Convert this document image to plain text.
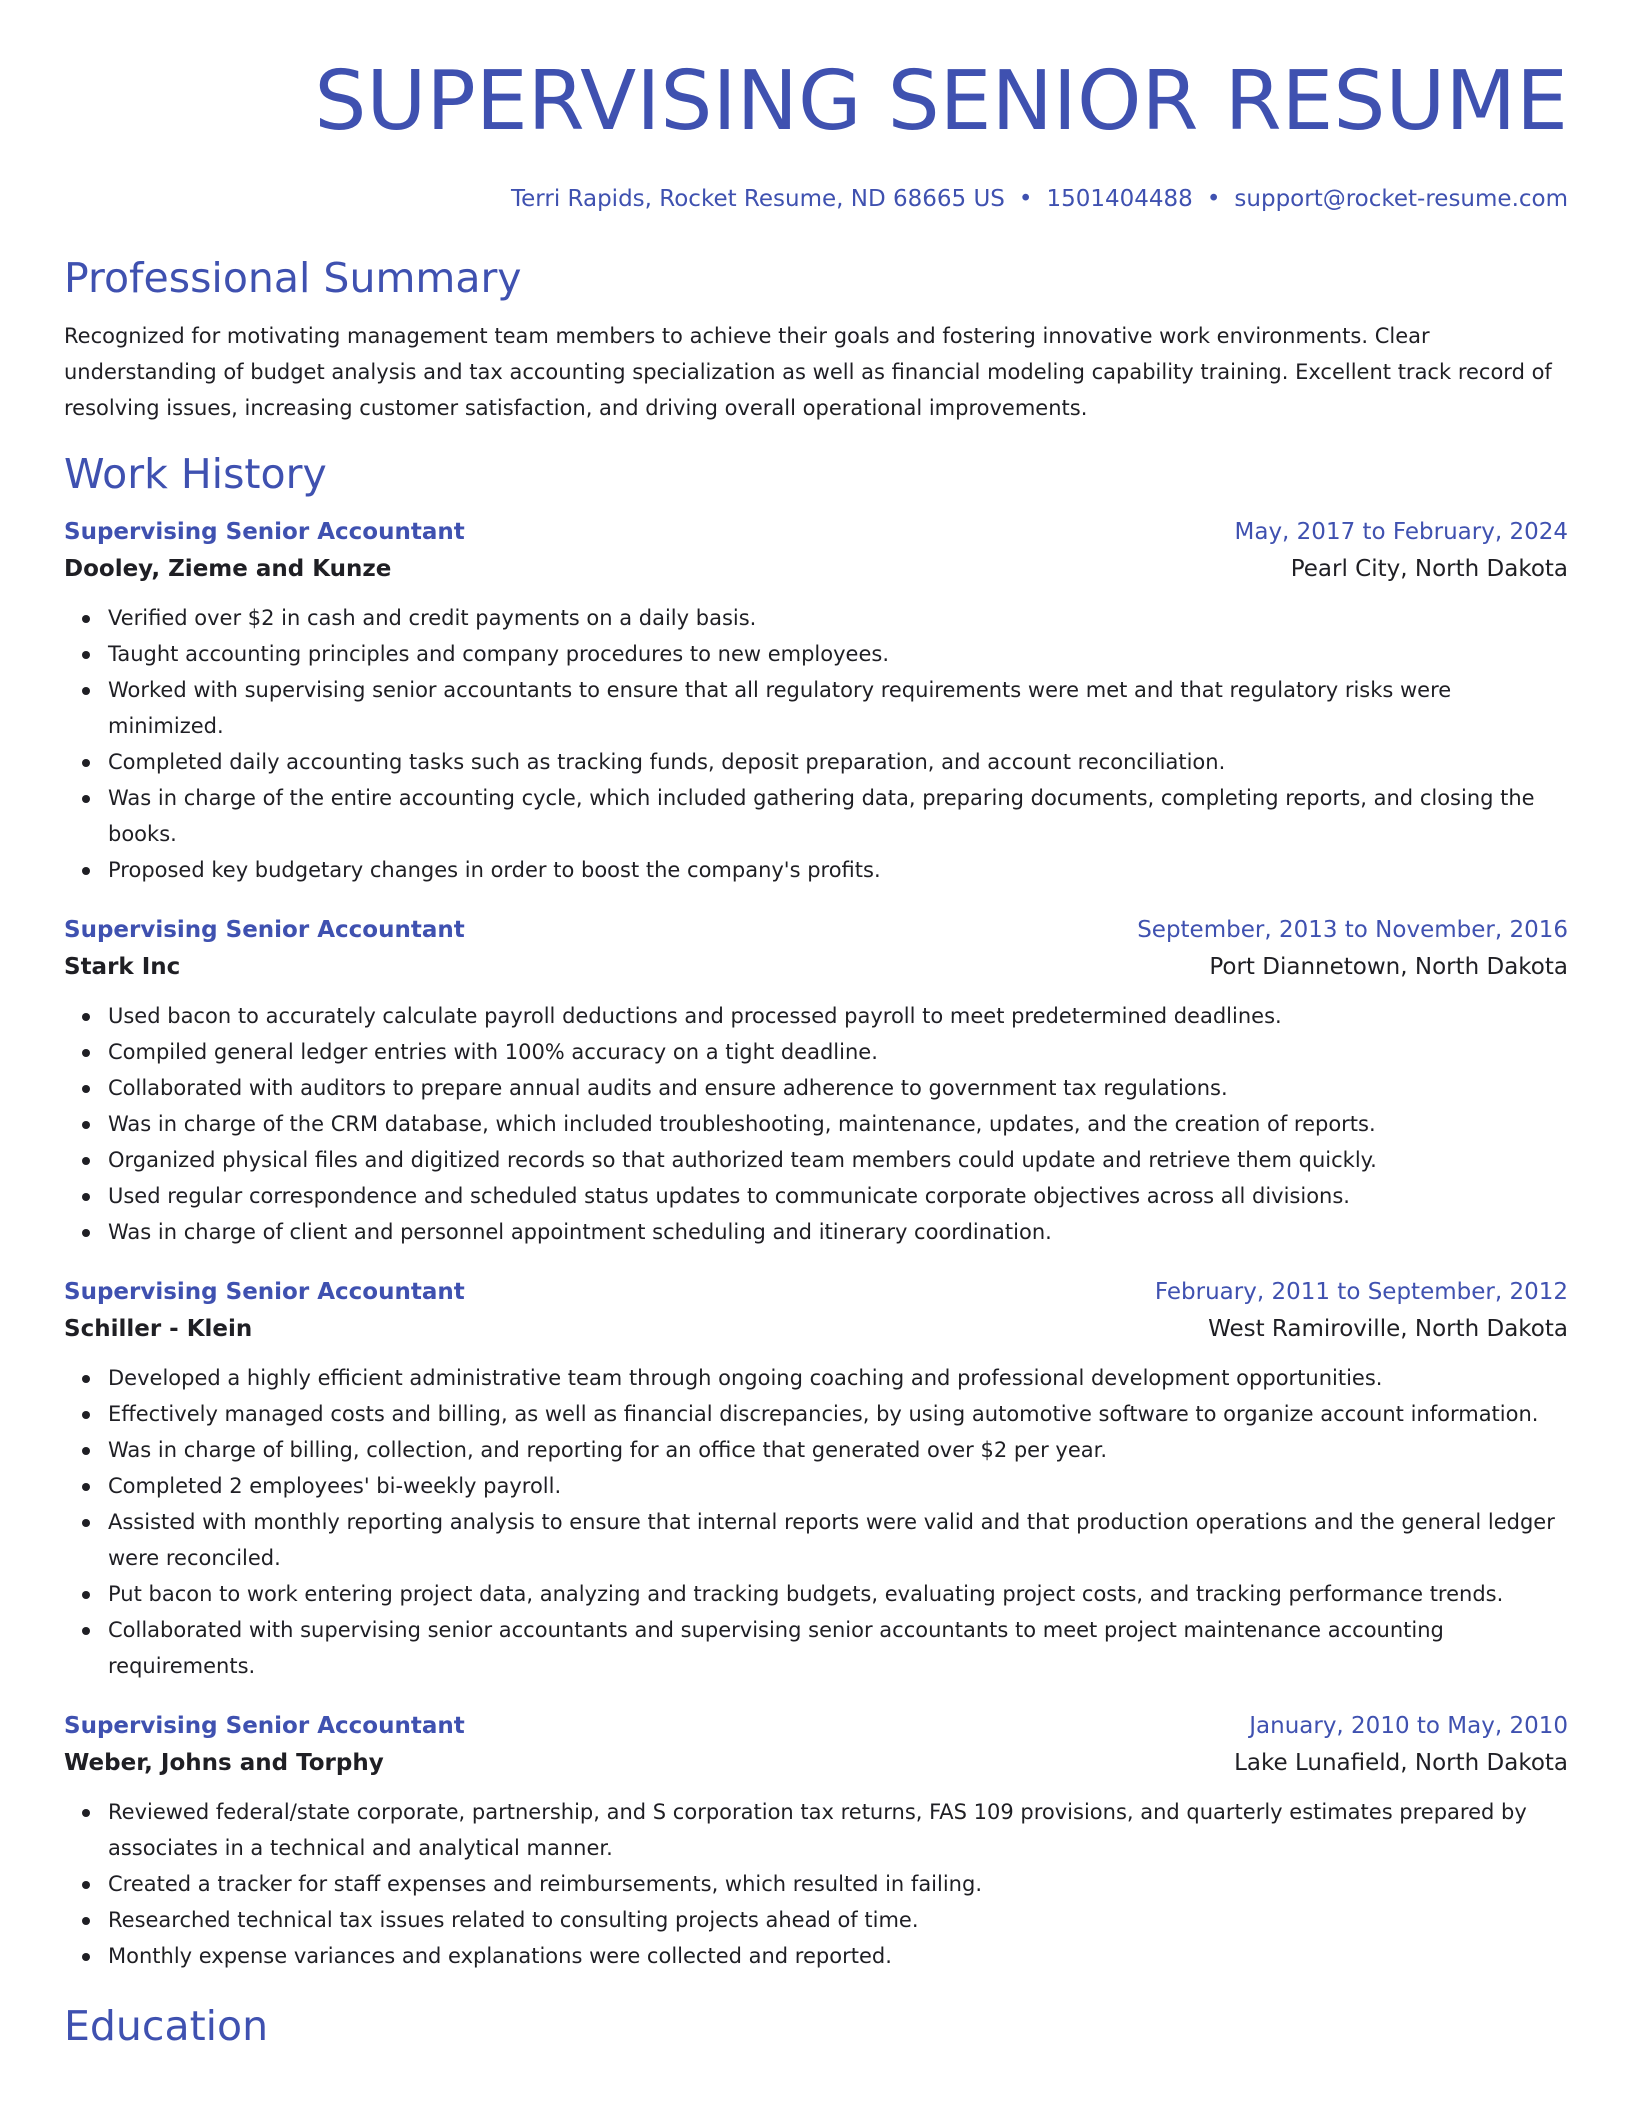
SUPERVISING SENIOR RESUME
Terri Rapids, Rocket Resume, ND 68665 US • 1501404488 • support@rocket-resume.com
Professional Summary
Recognized for motivating management team members to achieve their goals and fostering innovative work environments. Clear understanding of budget analysis and tax accounting specialization as well as financial modeling capability training. Excellent track record of resolving issues, increasing customer satisfaction, and driving overall operational improvements.
Work History
Supervising Senior Accountant	May, 2017 to February, 2024
Dooley, Zieme and Kunze	Pearl City, North Dakota
Verified over $2 in cash and credit payments on a daily basis.
Taught accounting principles and company procedures to new employees.
Worked with supervising senior accountants to ensure that all regulatory requirements were met and that regulatory risks were minimized.
Completed daily accounting tasks such as tracking funds, deposit preparation, and account reconciliation.
Was in charge of the entire accounting cycle, which included gathering data, preparing documents, completing reports, and closing the books.
Proposed key budgetary changes in order to boost the company's profits.
Supervising Senior Accountant	September, 2013 to November, 2016
Stark Inc	Port Diannetown, North Dakota
Used bacon to accurately calculate payroll deductions and processed payroll to meet predetermined deadlines.
Compiled general ledger entries with 100% accuracy on a tight deadline.
Collaborated with auditors to prepare annual audits and ensure adherence to government tax regulations.
Was in charge of the CRM database, which included troubleshooting, maintenance, updates, and the creation of reports.
Organized physical files and digitized records so that authorized team members could update and retrieve them quickly.
Used regular correspondence and scheduled status updates to communicate corporate objectives across all divisions.
Was in charge of client and personnel appointment scheduling and itinerary coordination.
Supervising Senior Accountant	February, 2011 to September, 2012
Schiller - Klein	West Ramiroville, North Dakota
Developed a highly efficient administrative team through ongoing coaching and professional development opportunities.
Effectively managed costs and billing, as well as financial discrepancies, by using automotive software to organize account information.
Was in charge of billing, collection, and reporting for an office that generated over $2 per year.
Completed 2 employees' bi-weekly payroll.
Assisted with monthly reporting analysis to ensure that internal reports were valid and that production operations and the general ledger were reconciled.
Put bacon to work entering project data, analyzing and tracking budgets, evaluating project costs, and tracking performance trends.
Collaborated with supervising senior accountants and supervising senior accountants to meet project maintenance accounting requirements.
Supervising Senior Accountant	January, 2010 to May, 2010
Weber, Johns and Torphy	Lake Lunafield, North Dakota
Reviewed federal/state corporate, partnership, and S corporation tax returns, FAS 109 provisions, and quarterly estimates prepared by associates in a technical and analytical manner.
Created a tracker for staff expenses and reimbursements, which resulted in failing.
Researched technical tax issues related to consulting projects ahead of time.
Monthly expense variances and explanations were collected and reported.
Education
